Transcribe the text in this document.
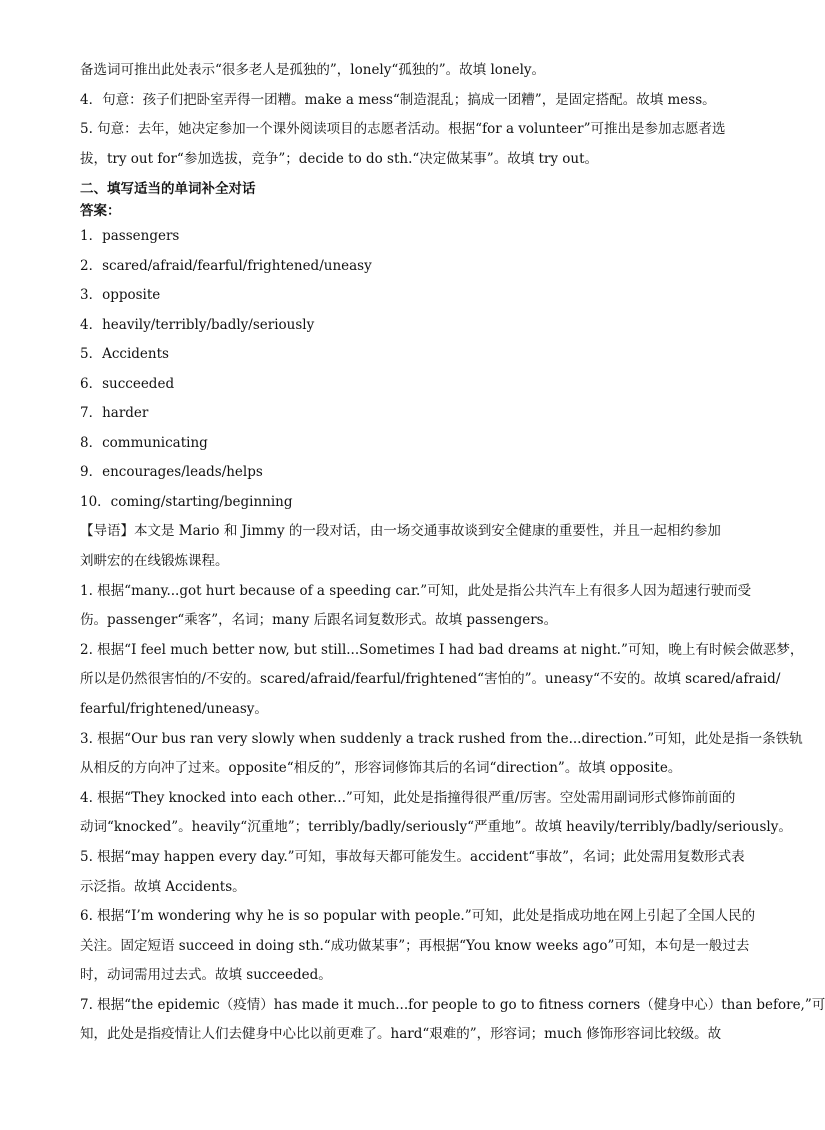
备选词可推出此处表示“很多老人是孤独的”，lonely“孤独的”。故填 lonely。
4．句意：孩子们把卧室弄得一团糟。make a mess“制造混乱；搞成一团糟”，是固定搭配。故填 mess。
5. 句意：去年，她决定参加一个课外阅读项目的志愿者活动。根据“for a volunteer”可推出是参加志愿者选
拔，try out for“参加选拔，竞争”；decide to do sth.“决定做某事”。故填 try out。
二、填写适当的单词补全对话
答案：
1．passengers
2．scared/afraid/fearful/frightened/uneasy
3．opposite
4．heavily/terribly/badly/seriously
5．Accidents
6．succeeded
7．harder
8．communicating
9．encourages/leads/helps
10．coming/starting/beginning
【导语】本文是 Mario 和 Jimmy 的一段对话，由一场交通事故谈到安全健康的重要性，并且一起相约参加
刘畊宏的在线锻炼课程。
1. 根据“many...got hurt because of a speeding car.”可知，此处是指公共汽车上有很多人因为超速行驶而受
伤。passenger“乘客”，名词；many 后跟名词复数形式。故填 passengers。
2. 根据“I feel much better now, but still...Sometimes I had bad dreams at night.”可知，晚上有时候会做恶梦，
所以是仍然很害怕的/不安的。scared/afraid/fearful/frightened“害怕的”。uneasy“不安的。故填 scared/afraid/
fearful/frightened/uneasy。
3. 根据“Our bus ran very slowly when suddenly a track rushed from the...direction.”可知，此处是指一条铁轨
从相反的方向冲了过来。opposite“相反的”，形容词修饰其后的名词“direction”。故填 opposite。
4. 根据“They knocked into each other...”可知，此处是指撞得很严重/厉害。空处需用副词形式修饰前面的
动词“knocked”。heavily“沉重地”；terribly/badly/seriously“严重地”。故填 heavily/terribly/badly/seriously。
5. 根据“may happen every day.”可知，事故每天都可能发生。accident“事故”，名词；此处需用复数形式表
示泛指。故填 Accidents。
6. 根据“I’m wondering why he is so popular with people.”可知，此处是指成功地在网上引起了全国人民的
关注。固定短语 succeed in doing sth.“成功做某事”；再根据“You know weeks ago”可知，本句是一般过去
时，动词需用过去式。故填 succeeded。
7. 根据“the epidemic（疫情）has made it much...for people to go to fitness corners（健身中心）than before,”可
知，此处是指疫情让人们去健身中心比以前更难了。hard“艰难的”，形容词；much 修饰形容词比较级。故
